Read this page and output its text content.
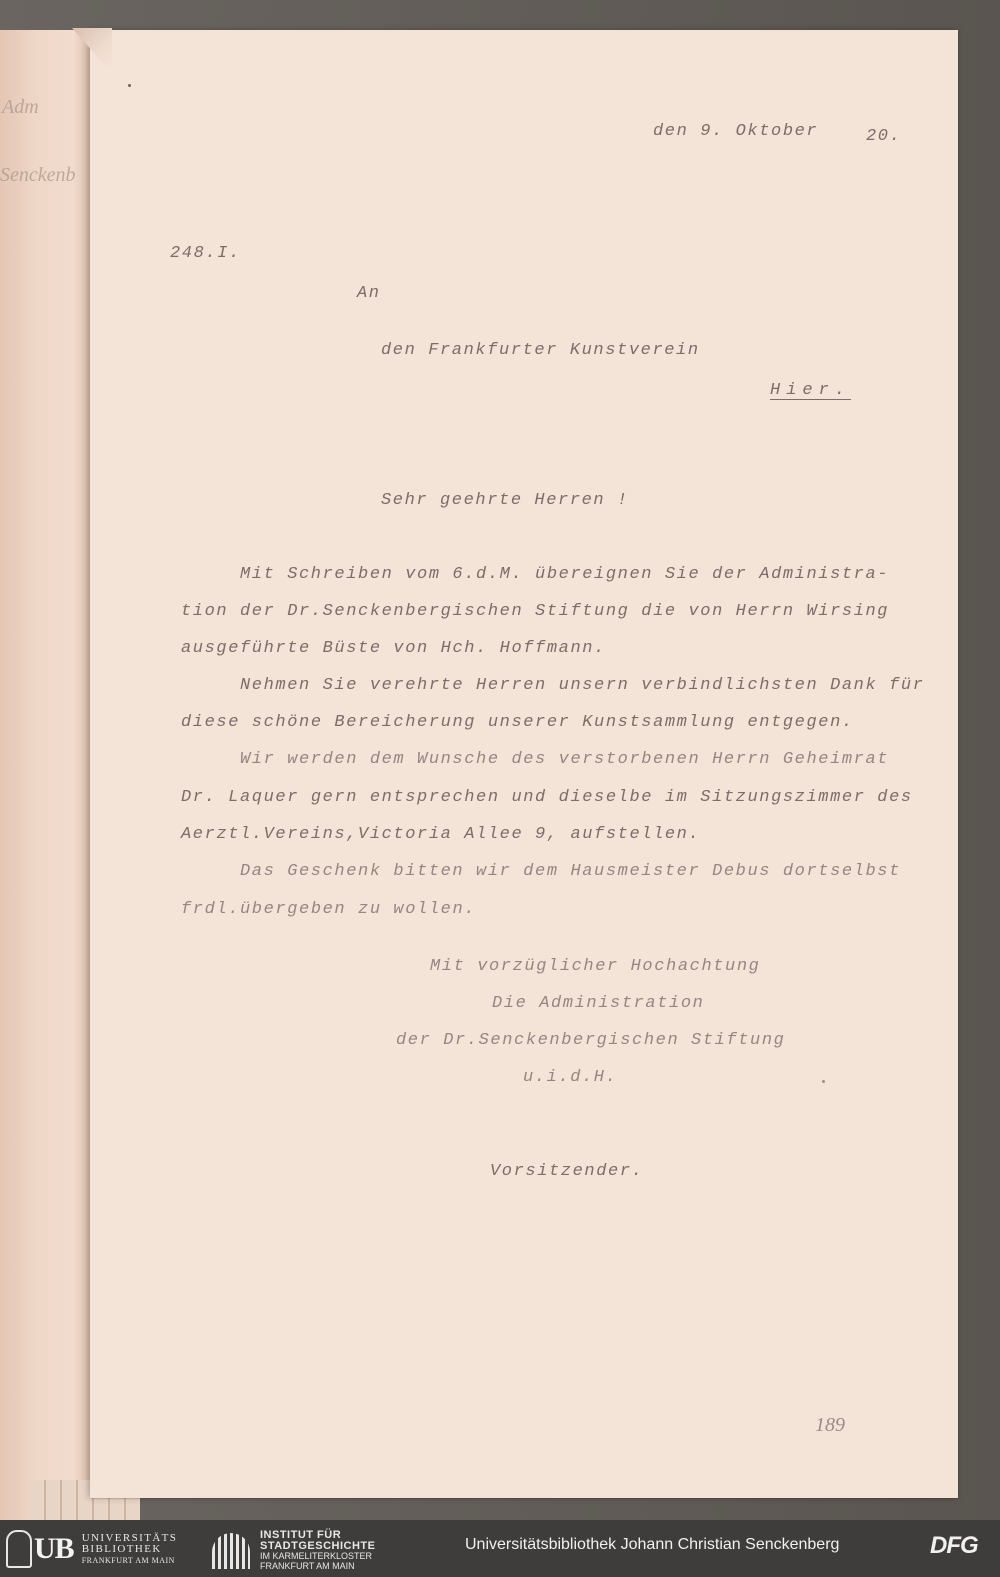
Adm
Senckenb
den 9. Oktober	20.
248.I.
An
den Frankfurter Kunstverein
Hier.
Sehr geehrte Herren !
Mit Schreiben vom 6.d.M. übereignen Sie der Administra-
tion der Dr.Senckenbergischen Stiftung die von Herrn Wirsing
ausgeführte Büste von Hch. Hoffmann.
Nehmen Sie verehrte Herren unsern verbindlichsten Dank für
diese schöne Bereicherung unserer Kunstsammlung entgegen.
Wir werden dem Wunsche des verstorbenen Herrn Geheimrat
Dr. Laquer gern entsprechen und dieselbe im Sitzungszimmer des
Aerztl.Vereins,Victoria Allee 9, aufstellen.
Das Geschenk bitten wir dem Hausmeister Debus dortselbst
frdl.übergeben zu wollen.
Mit vorzüglicher Hochachtung
Die Administration
der Dr.Senckenbergischen Stiftung
u.i.d.H.
Vorsitzender.
189
UB UNIVERSITÄTS
BIBLIOTHEK
FRANKFURT AM MAIN
INSTITUT FÜR
STADTGESCHICHTE
IM KARMELITERKLOSTER
FRANKFURT AM MAIN
Universitätsbibliothek Johann Christian Senckenberg	DFG
